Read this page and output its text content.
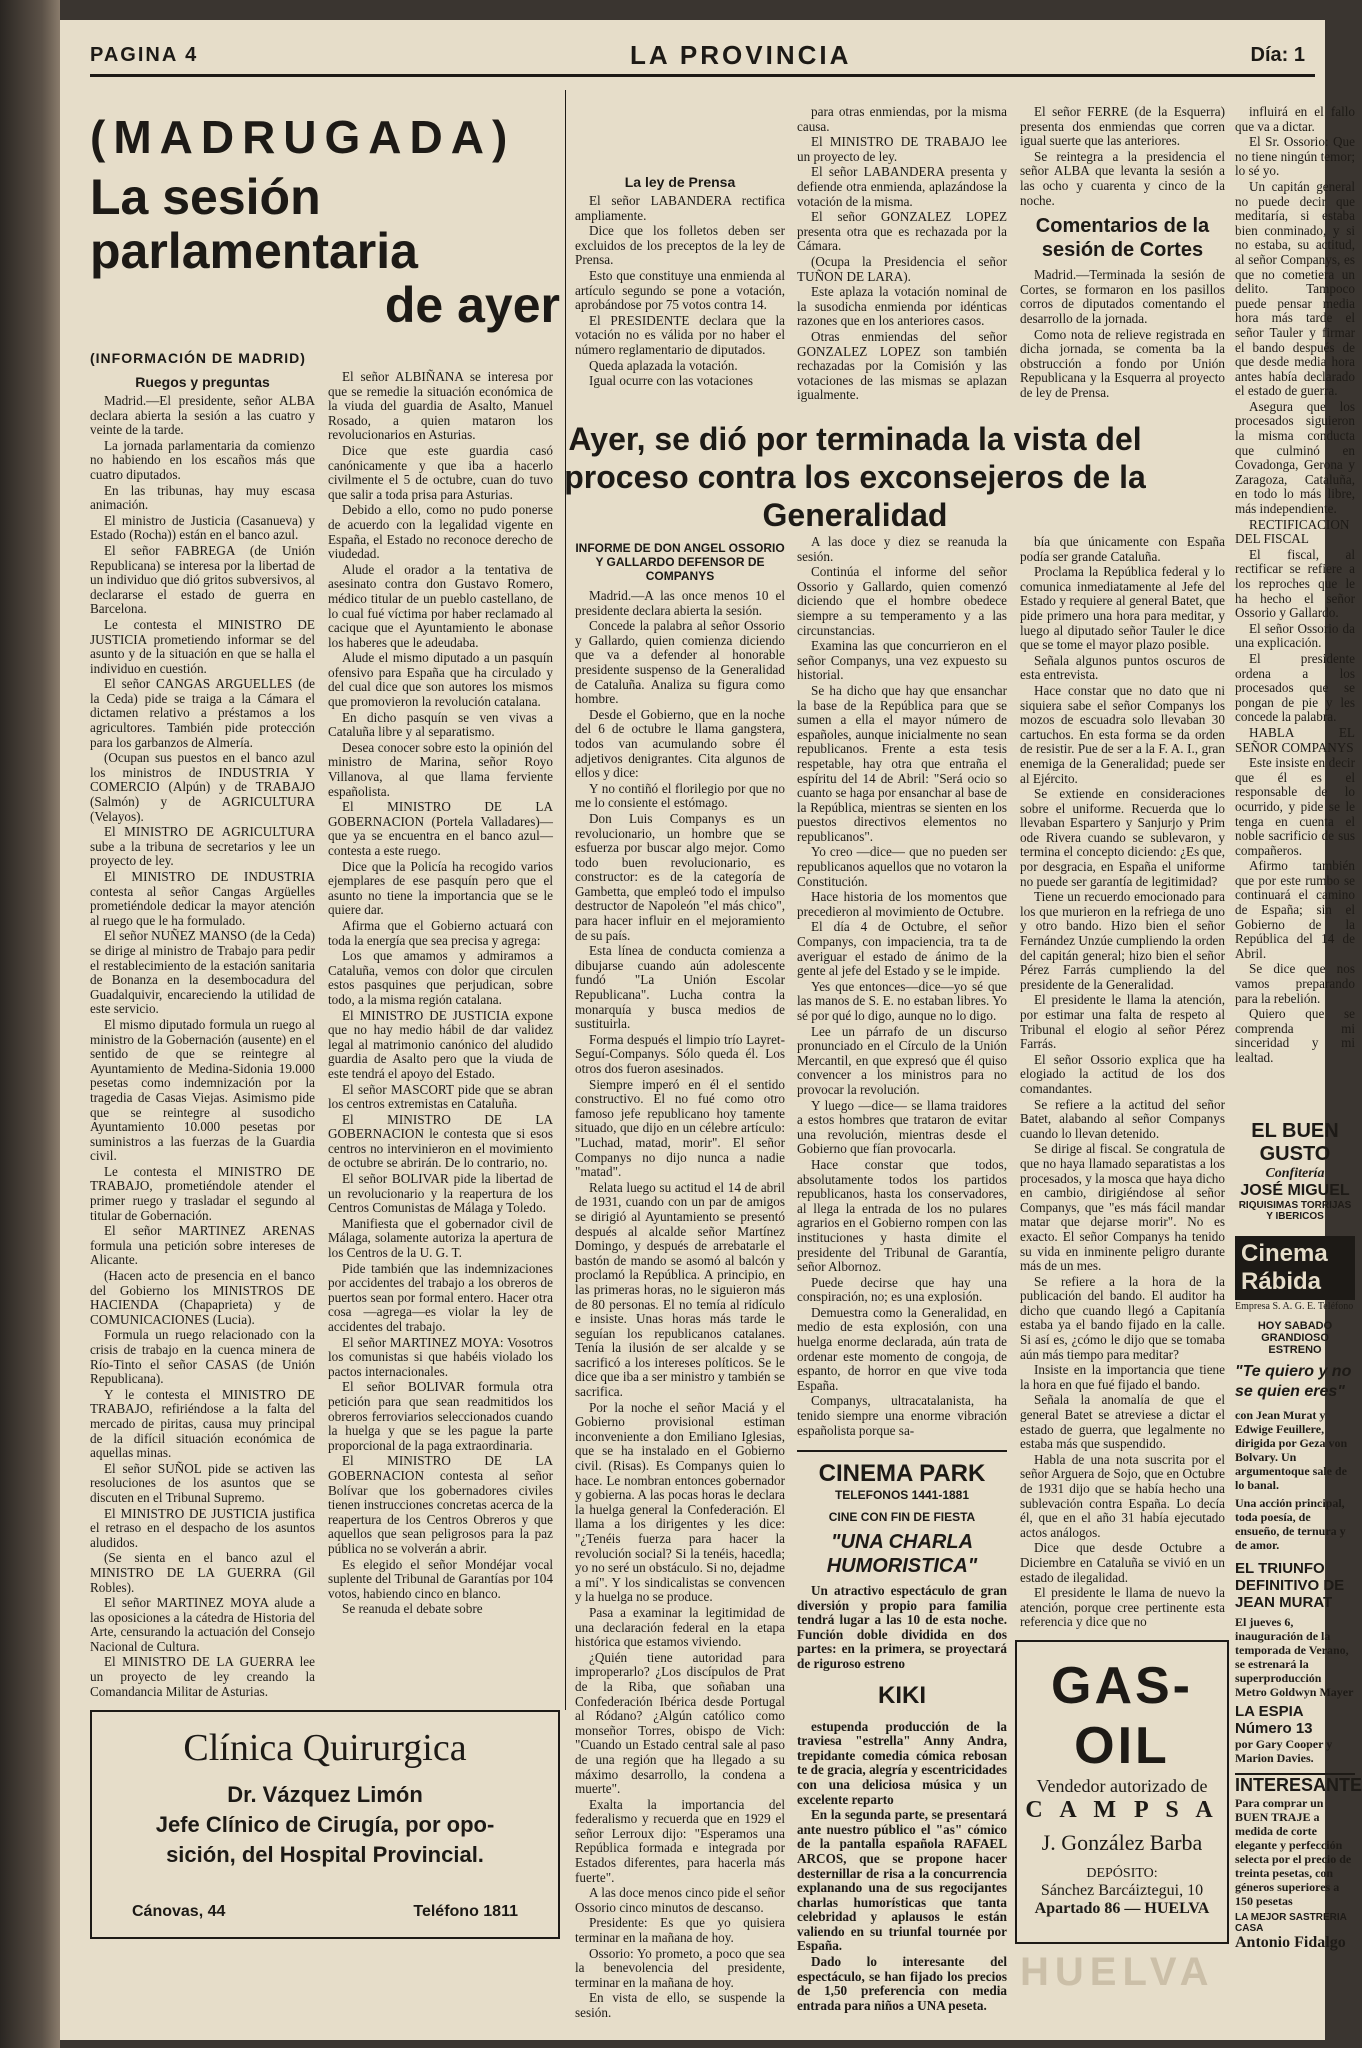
PAGINA 4	LA PROVINCIA	Día: 1
(MADRUGADA)
La sesión
parlamentaria
de ayer
(INFORMACIÓN DE MADRID)
Ruegos y preguntas

Madrid.—El presidente, señor ALBA declara abierta la sesión a las cuatro y veinte de la tarde.

La jornada parlamentaria da comienzo no habiendo en los escaños más que cuatro diputados.

En las tribunas, hay muy escasa animación.

El ministro de Justicia (Casanueva) y Estado (Rocha)) están en el banco azul.

El señor FABREGA (de Unión Republicana) se interesa por la libertad de un individuo que dió gritos subversivos, al declararse el estado de guerra en Barcelona.

Le contesta el MINISTRO DE JUSTICIA prometiendo informar se del asunto y de la situación en que se halla el individuo en cuestión.

El señor CANGAS ARGUELLES (de la Ceda) pide se traiga a la Cámara el dictamen relativo a préstamos a los agricultores. También pide protección para los garbanzos de Almería.

(Ocupan sus puestos en el banco azul los ministros de INDUSTRIA Y COMERCIO (Alpún) y de TRABAJO (Salmón) y de AGRICULTURA (Velayos).

El MINISTRO DE AGRICULTURA sube a la tribuna de secretarios y lee un proyecto de ley.

El MINISTRO DE INDUSTRIA contesta al señor Cangas Argüelles prometiéndole dedicar la mayor atención al ruego que le ha formulado.

El señor NUÑEZ MANSO (de la Ceda) se dirige al ministro de Trabajo para pedir el restablecimiento de la estación sanitaria de Bonanza en la desembocadura del Guadalquivir, encareciendo la utilidad de este servicio.

El mismo diputado formula un ruego al ministro de la Gobernación (ausente) en el sentido de que se reintegre al Ayuntamiento de Medina-Sidonia 19.000 pesetas como indemnización por la tragedia de Casas Viejas. Asimismo pide que se reintegre al susodicho Ayuntamiento 10.000 pesetas por suministros a las fuerzas de la Guardia civil.

Le contesta el MINISTRO DE TRABAJO, prometiéndole atender el primer ruego y trasladar el segundo al titular de Gobernación.

El señor MARTINEZ ARENAS formula una petición sobre intereses de Alicante.

(Hacen acto de presencia en el banco del Gobierno los MINISTROS DE HACIENDA (Chapaprieta) y de COMUNICACIONES (Lucia).

Formula un ruego relacionado con la crisis de trabajo en la cuenca minera de Río-Tinto el señor CASAS (de Unión Republicana).

Y le contesta el MINISTRO DE TRABAJO, refiriéndose a la falta del mercado de piritas, causa muy principal de la difícil situación económica de aquellas minas.

El señor SUÑOL pide se activen las resoluciones de los asuntos que se discuten en el Tribunal Supremo.

El MINISTRO DE JUSTICIA justifica el retraso en el despacho de los asuntos aludidos.

(Se sienta en el banco azul el MINISTRO DE LA GUERRA (Gil Robles).

El señor MARTINEZ MOYA alude a las oposiciones a la cátedra de Historia del Arte, censurando la actuación del Consejo Nacional de Cultura.

El MINISTRO DE LA GUERRA lee un proyecto de ley creando la Comandancia Militar de Asturias.

El señor ALBIÑANA se interesa por que se remedie la situación económica de la viuda del guardia de Asalto, Manuel Rosado, a quien mataron los revolucionarios en Asturias.

Dice que este guardia casó canónicamente y que iba a hacerlo civilmente el 5 de octubre, cuan do tuvo que salir a toda prisa para Asturias.

Debido a ello, como no pudo ponerse de acuerdo con la legalidad vigente en España, el Estado no reconoce derecho de viudedad.

Alude el orador a la tentativa de asesinato contra don Gustavo Romero, médico titular de un pueblo castellano, de lo cual fué víctima por haber reclamado al cacique que el Ayuntamiento le abonase los haberes que le adeudaba.

Alude el mismo diputado a un pasquín ofensivo para España que ha circulado y del cual dice que son autores los mismos que promovieron la revolución catalana.

En dicho pasquín se ven vivas a Cataluña libre y al separatismo.

Desea conocer sobre esto la opinión del ministro de Marina, señor Royo Villanova, al que llama ferviente españolista.

El MINISTRO DE LA GOBERNACION (Portela Valladares)— que ya se encuentra en el banco azul—contesta a este ruego.

Dice que la Policía ha recogido varios ejemplares de ese pasquín pero que el asunto no tiene la importancia que se le quiere dar.

Afirma que el Gobierno actuará con toda la energía que sea precisa y agrega:

Los que amamos y admiramos a Cataluña, vemos con dolor que circulen estos pasquines que perjudican, sobre todo, a la misma región catalana.

El MINISTRO DE JUSTICIA expone que no hay medio hábil de dar validez legal al matrimonio canónico del aludido guardia de Asalto pero que la viuda de este tendrá el apoyo del Estado.

El señor MASCORT pide que se abran los centros extremistas en Cataluña.

El MINISTRO DE LA GOBERNACION le contesta que si esos centros no intervinieron en el movimiento de octubre se abrirán. De lo contrario, no.

El señor BOLIVAR pide la libertad de un revolucionario y la reapertura de los Centros Comunistas de Málaga y Toledo.

Manifiesta que el gobernador civil de Málaga, solamente autoriza la apertura de los Centros de la U. G. T.

Pide también que las indemnizaciones por accidentes del trabajo a los obreros de puertos sean por formal entero. Hacer otra cosa —agrega—es violar la ley de accidentes del trabajo.

El señor MARTINEZ MOYA: Vosotros los comunistas si que habéis violado los pactos internacionales.

El señor BOLIVAR formula otra petición para que sean readmitidos los obreros ferroviarios seleccionados cuando la huelga y que se les pague la parte proporcional de la paga extraordinaria.

El MINISTRO DE LA GOBERNACION contesta al señor Bolívar que los gobernadores civiles tienen instrucciones concretas acerca de la reapertura de los Centros Obreros y que aquellos que sean peligrosos para la paz pública no se volverán a abrir.

Es elegido el señor Mondéjar vocal suplente del Tribunal de Garantías por 104 votos, habiendo cinco en blanco.

Se reanuda el debate sobre

La ley de Prensa

El señor LABANDERA rectifica ampliamente.

Dice que los folletos deben ser excluidos de los preceptos de la ley de Prensa.

Esto que constituye una enmienda al artículo segundo se pone a votación, aprobándose por 75 votos contra 14.

El PRESIDENTE declara que la votación no es válida por no haber el número reglamentario de diputados.

Queda aplazada la votación.

Igual ocurre con las votaciones

para otras enmiendas, por la misma causa.

El MINISTRO DE TRABAJO lee un proyecto de ley.

El señor LABANDERA presenta y defiende otra enmienda, aplazándose la votación de la misma.

El señor GONZALEZ LOPEZ presenta otra que es rechazada por la Cámara.

(Ocupa la Presidencia el señor TUÑON DE LARA).

Este aplaza la votación nominal de la susodicha enmienda por idénticas razones que en los anteriores casos.

Otras enmiendas del señor GONZALEZ LOPEZ son también rechazadas por la Comisión y las votaciones de las mismas se aplazan igualmente.

El señor FERRE (de la Esquerra) presenta dos enmiendas que corren igual suerte que las anteriores.

Se reintegra a la presidencia el señor ALBA que levanta la sesión a las ocho y cuarenta y cinco de la noche.

Comentarios de la sesión de Cortes

Madrid.—Terminada la sesión de Cortes, se formaron en los pasillos corros de diputados comentando el desarrollo de la jornada.

Como nota de relieve registrada en dicha jornada, se comenta ba la obstrucción a fondo por Unión Republicana y la Esquerra al proyecto de ley de Prensa.

Ayer, se dió por terminada la vista del proceso contra los exconsejeros de la Generalidad
INFORME DE DON ANGEL OSSORIO Y GALLARDO DEFENSOR DE COMPANYS

Madrid.—A las once menos 10 el presidente declara abierta la sesión.

Concede la palabra al señor Ossorio y Gallardo, quien comienza diciendo que va a defender al honorable presidente suspenso de la Generalidad de Cataluña. Analiza su figura como hombre.

Desde el Gobierno, que en la noche del 6 de octubre le llama gangstera, todos van acumulando sobre él adjetivos denigrantes. Cita algunos de ellos y dice:

Y no contiñó el florilegio por que no me lo consiente el estómago.

Don Luis Companys es un revolucionario, un hombre que se esfuerza por buscar algo mejor. Como todo buen revolucionario, es constructor: es de la categoría de Gambetta, que empleó todo el impulso destructor de Napoleón "el más chico", para hacer influir en el mejoramiento de su país.

Esta línea de conducta comienza a dibujarse cuando aún adolescente fundó "La Unión Escolar Republicana". Lucha contra la monarquía y busca medios de sustituirla.

Forma después el limpio trío Layret-Seguí-Companys. Sólo queda él. Los otros dos fueron asesinados.

Siempre imperó en él el sentido constructivo. El no fué como otro famoso jefe republicano hoy tamente situado, que dijo en un célebre artículo: "Luchad, matad, morir". El señor Companys no dijo nunca a nadie "matad".

Relata luego su actitud el 14 de abril de 1931, cuando con un par de amigos se dirigió al Ayuntamiento se presentó después al alcalde señor Martínez Domingo, y después de arrebatarle el bastón de mando se asomó al balcón y proclamó la República. A principio, en las primeras horas, no le siguieron más de 80 personas. El no temía al ridículo e insiste. Unas horas más tarde le seguían los republicanos catalanes. Tenía la ilusión de ser alcalde y se sacrificó a los intereses políticos. Se le dice que iba a ser ministro y también se sacrifica.

Por la noche el señor Maciá y el Gobierno provisional estiman inconveniente a don Emiliano Iglesias, que se ha instalado en el Gobierno civil. (Risas). Es Companys quien lo hace. Le nombran entonces gobernador y gobierna. A las pocas horas le declara la huelga general la Confederación. El llama a los dirigentes y les dice: "¿Tenéis fuerza para hacer la revolución social? Si la tenéis, hacedla; yo no seré un obstáculo. Si no, dejadme a mí". Y los sindicalistas se convencen y la huelga no se produce.

Pasa a examinar la legitimidad de una declaración federal en la etapa histórica que estamos viviendo.

¿Quién tiene autoridad para improperarlo? ¿Los discípulos de Prat de la Riba, que soñaban una Confederación Ibérica desde Portugal al Ródano? ¿Algún católico como monseñor Torres, obispo de Vich: "Cuando un Estado central sale al paso de una región que ha llegado a su máximo desarrollo, la condena a muerte".

Exalta la importancia del federalismo y recuerda que en 1929 el señor Lerroux dijo: "Esperamos una República formada e integrada por Estados diferentes, para hacerla más fuerte".

A las doce menos cinco pide el señor Ossorio cinco minutos de descanso.

Presidente: Es que yo quisiera terminar en la mañana de hoy.

Ossorio: Yo prometo, a poco que sea la benevolencia del presidente, terminar en la mañana de hoy.

En vista de ello, se suspende la sesión.

A las doce y diez se reanuda la sesión.

Continúa el informe del señor Ossorio y Gallardo, quien comenzó diciendo que el hombre obedece siempre a su temperamento y a las circunstancias.

Examina las que concurrieron en el señor Companys, una vez expuesto su historial.

Se ha dicho que hay que ensanchar la base de la República para que se sumen a ella el mayor número de españoles, aunque inicialmente no sean republicanos. Frente a esta tesis respetable, hay otra que entraña el espíritu del 14 de Abril: "Será ocio so cuanto se haga por ensanchar al base de la República, mientras se sienten en los puestos directivos elementos no republicanos".

Yo creo —dice— que no pueden ser republicanos aquellos que no votaron la Constitución.

Hace historia de los momentos que precedieron al movimiento de Octubre.

El día 4 de Octubre, el señor Companys, con impaciencia, tra ta de averiguar el estado de ánimo de la gente al jefe del Estado y se le impide.

Yes que entonces—dice—yo sé que las manos de S. E. no estaban libres. Yo sé por qué lo digo, aunque no lo digo.

Lee un párrafo de un discurso pronunciado en el Círculo de la Unión Mercantil, en que expresó que él quiso convencer a los ministros para no provocar la revolución.

Y luego —dice— se llama traidores a estos hombres que trataron de evitar una revolución, mientras desde el Gobierno que fían provocarla.

Hace constar que todos, absolutamente todos los partidos republicanos, hasta los conservadores, al llega la entrada de los no pulares agrarios en el Gobierno rompen con las instituciones y hasta dimite el presidente del Tribunal de Garantía, señor Albornoz.

Puede decirse que hay una conspiración, no; es una explosión.

Demuestra como la Generalidad, en medio de esta explosión, con una huelga enorme declarada, aún trata de ordenar este momento de congoja, de espanto, de horror en que vive toda España.

Companys, ultracatalanista, ha tenido siempre una enorme vibración españolista porque sa-

bía que únicamente con España podía ser grande Cataluña.

Proclama la República federal y lo comunica inmediatamente al Jefe del Estado y requiere al general Batet, que pide primero una hora para meditar, y luego al diputado señor Tauler le dice que se tome el mayor plazo posible.

Señala algunos puntos oscuros de esta entrevista.

Hace constar que no dato que ni siquiera sabe el señor Companys los mozos de escuadra solo llevaban 30 cartuchos. En esta forma se da orden de resistir. Pue de ser a la F. A. I., gran enemiga de la Generalidad; puede ser al Ejército.

Se extiende en consideraciones sobre el uniforme. Recuerda que lo llevaban Espartero y Sanjurjo y Prim ode Rivera cuando se sublevaron, y termina el concepto diciendo: ¿Es que, por desgracia, en España el uniforme no puede ser garantía de legitimidad?

Tiene un recuerdo emocionado para los que murieron en la refriega de uno y otro bando. Hizo bien el señor Fernández Unzúe cumpliendo la orden del capitán general; hizo bien el señor Pérez Farrás cumpliendo la del presidente de la Generalidad.

El presidente le llama la atención, por estimar una falta de respeto al Tribunal el elogio al señor Pérez Farrás.

El señor Ossorio explica que ha elogiado la actitud de los dos comandantes.

Se refiere a la actitud del señor Batet, alabando al señor Companys cuando lo llevan detenido.

Se dirige al fiscal. Se congratula de que no haya llamado separatistas a los procesados, y la mosca que haya dicho en cambio, dirigiéndose al señor Companys, que "es más fácil mandar matar que dejarse morir". No es exacto. El señor Companys ha tenido su vida en inminente peligro durante más de un mes.

Se refiere a la hora de la publicación del bando. El auditor ha dicho que cuando llegó a Capitanía estaba ya el bando fijado en la calle. Si así es, ¿cómo le dijo que se tomaba aún más tiempo para meditar?

Insiste en la importancia que tiene la hora en que fué fijado el bando.

Señala la anomalía de que el general Batet se atreviese a dictar el estado de guerra, que legalmente no estaba más que suspendido.

Habla de una nota suscrita por el señor Arguera de Sojo, que en Octubre de 1931 dijo que se había hecho una sublevación contra España. Lo decía él, que en el año 31 había ejecutado actos análogos.

Dice que desde Octubre a Diciembre en Cataluña se vivió en un estado de ilegalidad.

El presidente le llama de nuevo la atención, porque cree pertinente esta referencia y dice que no

influirá en el fallo que va a dictar.

El Sr. Ossorio: Que no tiene ningún temor; lo sé yo.

Un capitán general no puede decir que meditaría, si estaba bien conminado, y si no estaba, su actitud, al señor Companys, es que no cometiera un delito. Tampoco puede pensar media hora más tarde el señor Tauler y firmar el bando después de que desde media hora antes había declarado el estado de guerra.

Asegura que los procesados siguieron la misma conducta que culminó en Covadonga, Gerona y Zaragoza, Cataluña, en todo lo más libre, más independiente.

RECTIFICACION DEL FISCAL

El fiscal, al rectificar se refiere a los reproches que le ha hecho el señor Ossorio y Gallardo.

El señor Ossorio da una explicación.

El presidente ordena a los procesados que se pongan de pie y les concede la palabra.

HABLA EL SEÑOR COMPANYS

Este insiste en decir que él es el responsable de lo ocurrido, y pide se le tenga en cuenta el noble sacrificio de sus compañeros.

Afirmo también que por este rumbo se continuará el camino de España; sin el Gobierno de la República del 14 de Abril.

Se dice que nos vamos preparando para la rebelión.

Quiero que se comprenda mi sinceridad y mi lealtad.

Clínica Quirurgica
Dr. Vázquez Limón
Jefe Clínico de Cirugía, por opo-
sición, del Hospital Provincial.
Cánovas, 44	Teléfono 1811
CINEMA PARK
TELEFONOS 1441-1881
CINE CON FIN DE FIESTA
"UNA CHARLA HUMORISTICA"

Un atractivo espectáculo de gran diversión y propio para familia tendrá lugar a las 10 de esta noche. Función doble dividida en dos partes: en la primera, se proyectará de riguroso estreno

KIKI

estupenda producción de la traviesa "estrella" Anny Andra, trepidante comedia cómica rebosan te de gracia, alegría y escentricidades con una deliciosa música y un excelente reparto

En la segunda parte, se presentará ante nuestro público el "as" cómico de la pantalla española RAFAEL ARCOS, que se propone hacer desternillar de risa a la concurrencia explanando una de sus regocijantes charlas humorísticas que tanta celebridad y aplausos le están valiendo en su triunfal tournée por España.

Dado lo interesante del espectáculo, se han fijado los precios de 1,50 preferencia con media entrada para niños a UNA peseta.

GAS-OIL
Vendedor autorizado de
C A M P S A
J. González Barba
DEPÓSITO:
Sánchez Barcáiztegui, 10
Apartado 86 — HUELVA
EL BUEN GUSTO
Confitería
JOSÉ MIGUEL
RIQUISIMAS TORRIJAS Y IBERICOS
Cinema Rábida
Empresa S. A. G. E. Teléfono
HOY SABADO
GRANDIOSO ESTRENO
"Te quiero y no se quien eres"
con Jean Murat y Edwige Feuillere, dirigida por Geza von Bolvary. Un argumentoque sale de lo banal.
Una acción principal, toda poesía, de ensueño, de ternura y de amor.
EL TRIUNFO DEFINITIVO DE JEAN MURAT
El jueves 6, inauguración de la temporada de Verano, se estrenará la superproducción Metro Goldwyn Mayer
LA ESPIA Número 13
por Gary Cooper y Marion Davies.
INTERESANTE
Para comprar un BUEN TRAJE a medida de corte elegante y perfección selecta por el precio de treinta pesetas, con géneros superiores a 150 pesetas
LA MEJOR SASTRERIA CASA
Antonio Fidalgo
HUELVA
